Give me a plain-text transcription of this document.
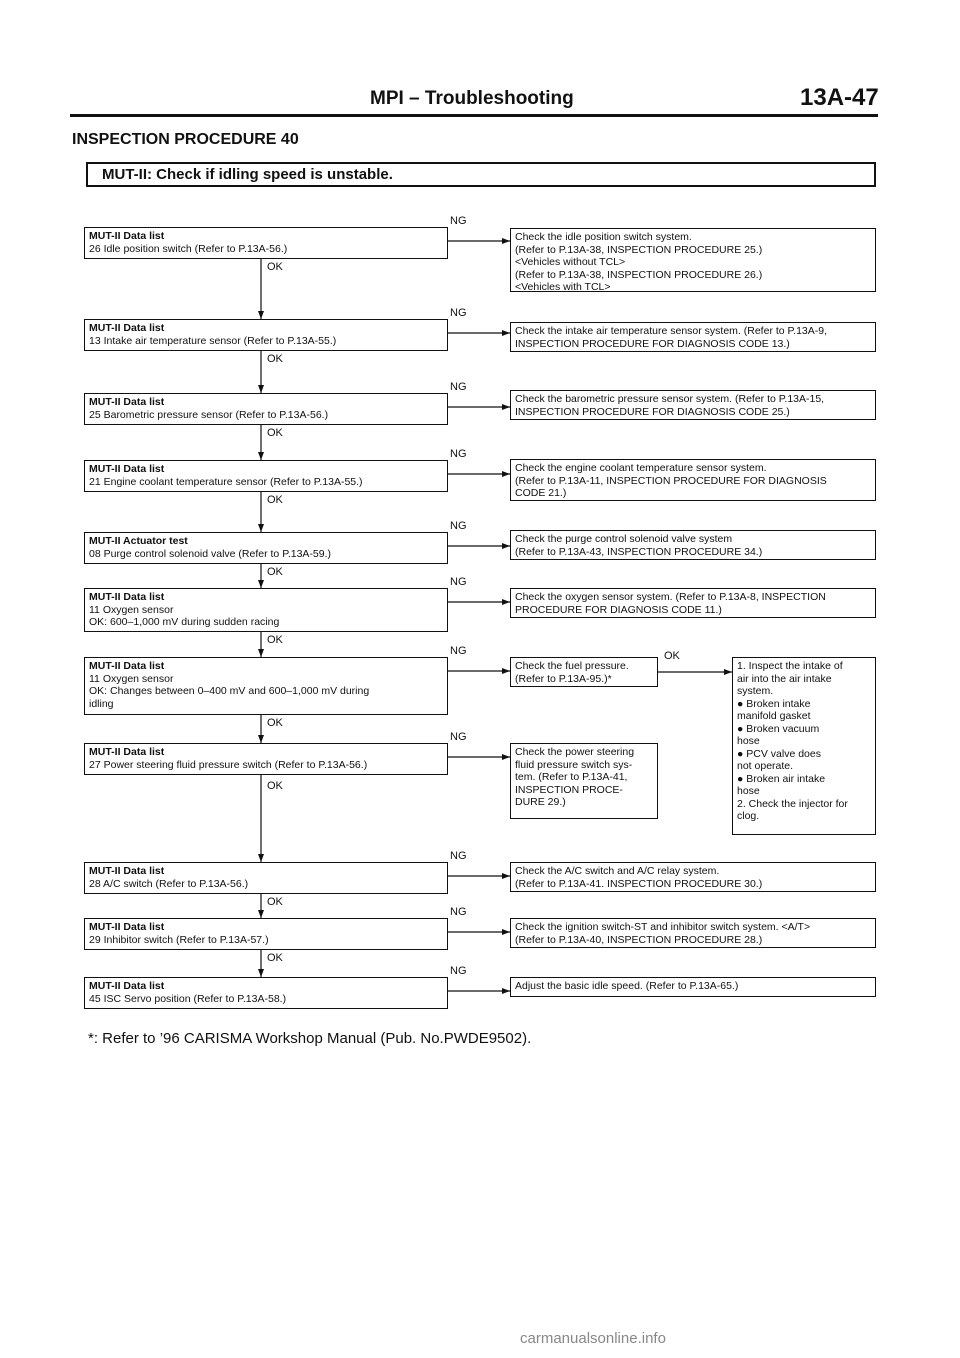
MPI – Troubleshooting	13A-47
INSPECTION PROCEDURE 40
MUT-II: Check if idling speed is unstable.
MUT-II Data list
26 Idle position switch (Refer to P.13A-56.)
Check the idle position switch system.
(Refer to P.13A-38, INSPECTION PROCEDURE 25.)
<Vehicles without TCL>
(Refer to P.13A-38, INSPECTION PROCEDURE 26.)
<Vehicles with TCL>
NG
OK
MUT-II Data list
13 Intake air temperature sensor (Refer to P.13A-55.)
Check the intake air temperature sensor system. (Refer to P.13A-9,
INSPECTION PROCEDURE FOR DIAGNOSIS CODE 13.)
NG
OK
MUT-II Data list
25 Barometric pressure sensor (Refer to P.13A-56.)
Check the barometric pressure sensor system. (Refer to P.13A-15,
INSPECTION PROCEDURE FOR DIAGNOSIS CODE 25.)
NG
OK
MUT-II Data list
21 Engine coolant temperature sensor (Refer to P.13A-55.)
Check the engine coolant temperature sensor system.
(Refer to P.13A-11, INSPECTION PROCEDURE FOR DIAGNOSIS
CODE 21.)
NG
OK
MUT-II Actuator test
08 Purge control solenoid valve (Refer to P.13A-59.)
Check the purge control solenoid valve system
(Refer to P.13A-43, INSPECTION PROCEDURE 34.)
NG
OK
MUT-II Data list
11 Oxygen sensor
OK: 600–1,000 mV during sudden racing
Check the oxygen sensor system. (Refer to P.13A-8, INSPECTION
PROCEDURE FOR DIAGNOSIS CODE 11.)
NG
OK
MUT-II Data list
11 Oxygen sensor
OK: Changes between 0–400 mV and 600–1,000 mV during
idling
Check the fuel pressure.
(Refer to P.13A-95.)*
NG
OK
MUT-II Data list
27 Power steering fluid pressure switch (Refer to P.13A-56.)
Check the power steering
fluid pressure switch sys-
tem. (Refer to P.13A-41,
INSPECTION PROCE-
DURE 29.)
NG
MUT-II Data list
28 A/C switch (Refer to P.13A-56.)
Check the A/C switch and A/C relay system.
(Refer to P.13A-41. INSPECTION PROCEDURE 30.)
NG
OK
MUT-II Data list
29 Inhibitor switch (Refer to P.13A-57.)
Check the ignition switch-ST and inhibitor switch system. <A/T>
(Refer to P.13A-40, INSPECTION PROCEDURE 28.)
NG
OK
MUT-II Data list
45 ISC Servo position (Refer to P.13A-58.)
Adjust the basic idle speed. (Refer to P.13A-65.)
NG
OK
1. Inspect the intake of
air into the air intake
system.
● Broken intake
manifold gasket
● Broken vacuum
hose
● PCV valve does
not operate.
● Broken air intake
hose
2. Check the injector for
clog.
OK
*: Refer to ’96 CARISMA Workshop Manual (Pub. No.PWDE9502).
carmanualsonline.info
